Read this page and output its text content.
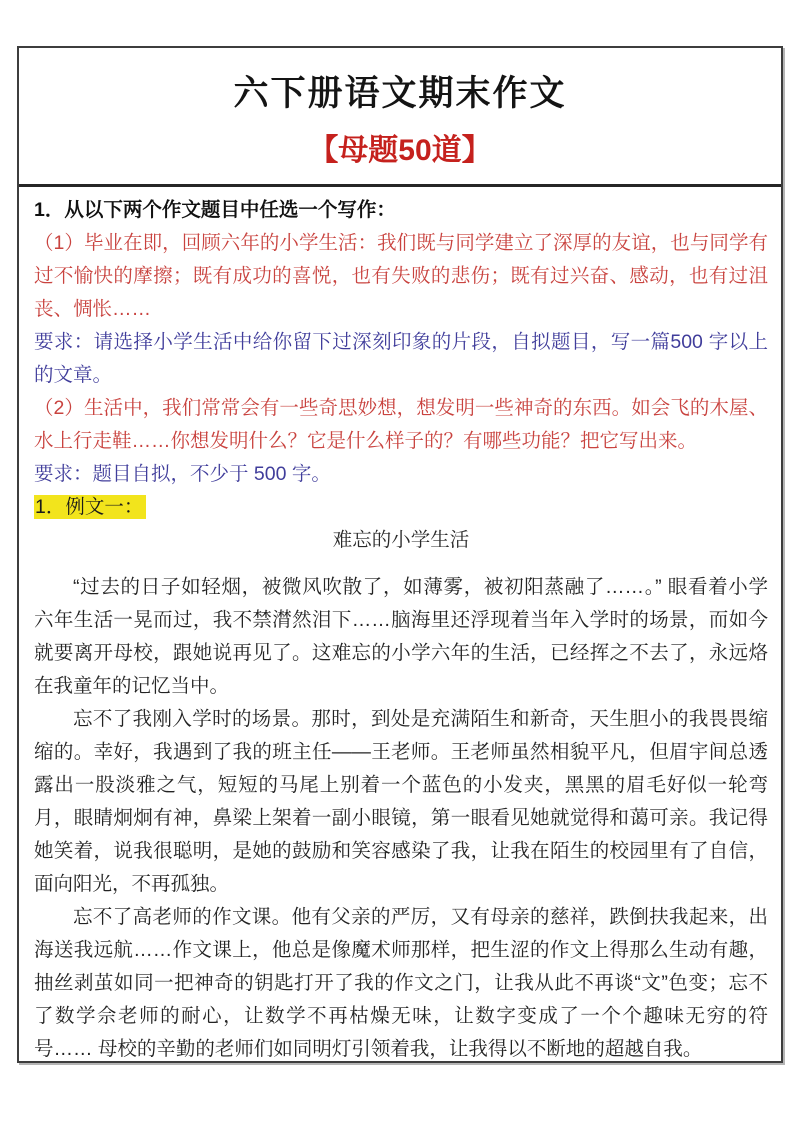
六下册语文期末作文
【母题50道】

1．从以下两个作文题目中任选一个写作：

（1）毕业在即，回顾六年的小学生活：我们既与同学建立了深厚的友谊，也与同学有过不愉快的摩擦；既有成功的喜悦，也有失败的悲伤；既有过兴奋、感动，也有过沮 丧、惆怅……

要求：请选择小学生活中给你留下过深刻印象的片段，自拟题目，写一篇500 字以上 的文章。

（2）生活中，我们常常会有一些奇思妙想，想发明一些神奇的东西。如会飞的木屋、水上行走鞋……你想发明什么？它是什么样子的？有哪些功能？把它写出来。

要求：题目自拟，不少于 500 字。

1．例文一：

难忘的小学生活

“过去的日子如轻烟，被微风吹散了，如薄雾，被初阳蒸融了……。” 眼看着小学 六年生活一晃而过，我不禁潸然泪下……脑海里还浮现着当年入学时的场景，而如今 就要离开母校，跟她说再见了。这难忘的小学六年的生活，已经挥之不去了，永远烙 在我童年的记忆当中。

忘不了我刚入学时的场景。那时，到处是充满陌生和新奇，天生胆小的我畏畏缩缩的。幸好，我遇到了我的班主任——王老师。王老师虽然相貌平凡，但眉宇间总透露出一股淡雅之气，短短的马尾上别着一个蓝色的小发夹，黑黑的眉毛好似一轮弯月，眼睛炯炯有神，鼻梁上架着一副小眼镜，第一眼看见她就觉得和蔼可亲。我记得她笑着，说我很聪明，是她的鼓励和笑容感染了我，让我在陌生的校园里有了自信，面向阳光，不再孤独。

忘不了高老师的作文课。他有父亲的严厉，又有母亲的慈祥，跌倒扶我起来，出海送我远航……作文课上，他总是像魔术师那样，把生涩的作文上得那么生动有趣，抽丝剥茧如同一把神奇的钥匙打开了我的作文之门，让我从此不再谈“文”色变；忘不了数学佘老师的耐心，让数学不再枯燥无味，让数字变成了一个个趣味无穷的符号…… 母校的辛勤的老师们如同明灯引领着我，让我得以不断地的超越自我。
